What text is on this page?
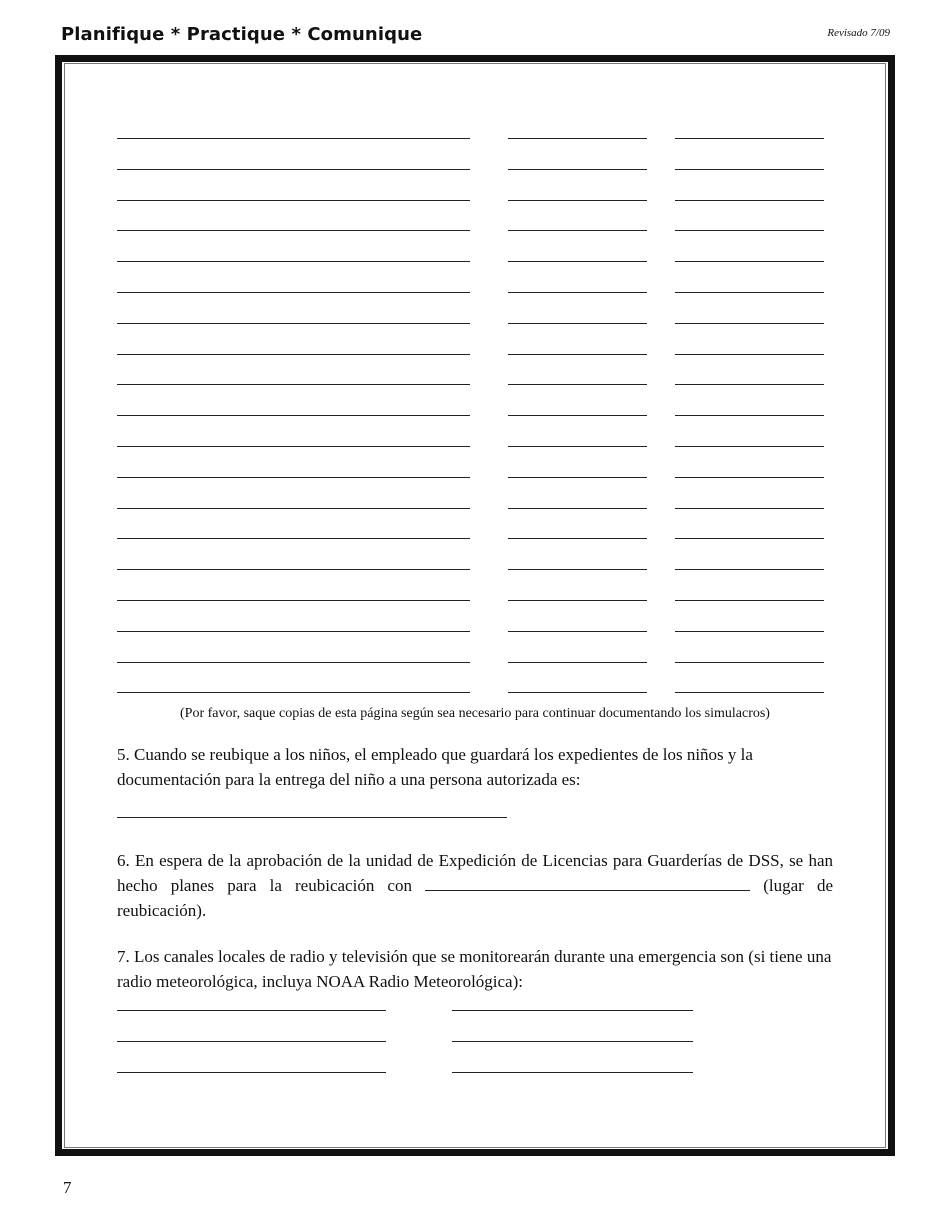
Planifique * Practique * Comunique	Revisado 7/09
(Por favor, saque copias de esta página según sea necesario para continuar documentando los simulacros)
5. Cuando se reubique a los niños, el empleado que guardará los expedientes de los niños y la documentación para la entrega del niño a una persona autorizada es:
6. En espera de la aprobación de la unidad de Expedición de Licencias para Guarderías de DSS, se han hecho planes para la reubicación con	(lugar de reubicación).
7. Los canales locales de radio y televisión que se monitorearán durante una emergencia son (si tiene una radio meteorológica, incluya NOAA Radio Meteorológica):
7
